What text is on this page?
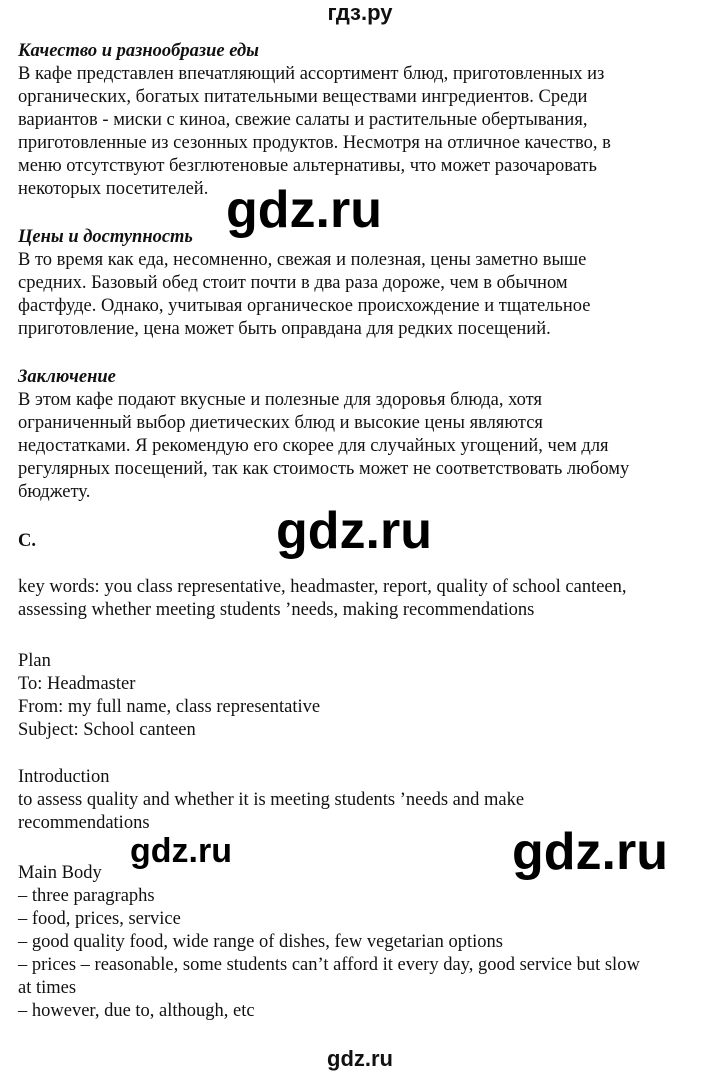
гдз.ру
Качество и разнообразие еды
В кафе представлен впечатляющий ассортимент блюд, приготовленных из
органических, богатых питательными веществами ингредиентов. Среди
вариантов - миски с киноа, свежие салаты и растительные обертывания,
приготовленные из сезонных продуктов. Несмотря на отличное качество, в
меню отсутствуют безглютеновые альтернативы, что может разочаровать
некоторых посетителей.
Цены и доступность
В то время как еда, несомненно, свежая и полезная, цены заметно выше
средних. Базовый обед стоит почти в два раза дороже, чем в обычном
фастфуде. Однако, учитывая органическое происхождение и тщательное
приготовление, цена может быть оправдана для редких посещений.
Заключение
В этом кафе подают вкусные и полезные для здоровья блюда, хотя
ограниченный выбор диетических блюд и высокие цены являются
недостатками. Я рекомендую его скорее для случайных угощений, чем для
регулярных посещений, так как стоимость может не соответствовать любому
бюджету.
C.
key words: you class representative, headmaster, report, quality of school canteen,
assessing whether meeting students ’needs, making recommendations
Plan
To: Headmaster
From: my full name, class representative
Subject: School canteen
Introduction
to assess quality and whether it is meeting students ’needs and make
recommendations
Main Body
– three paragraphs
– food, prices, service
– good quality food, wide range of dishes, few vegetarian options
– prices – reasonable, some students can’t afford it every day, good service but slow
at times
– however, due to, although, etc
gdz.ru
gdz.ru
gdz.ru	gdz.ru
gdz.ru
